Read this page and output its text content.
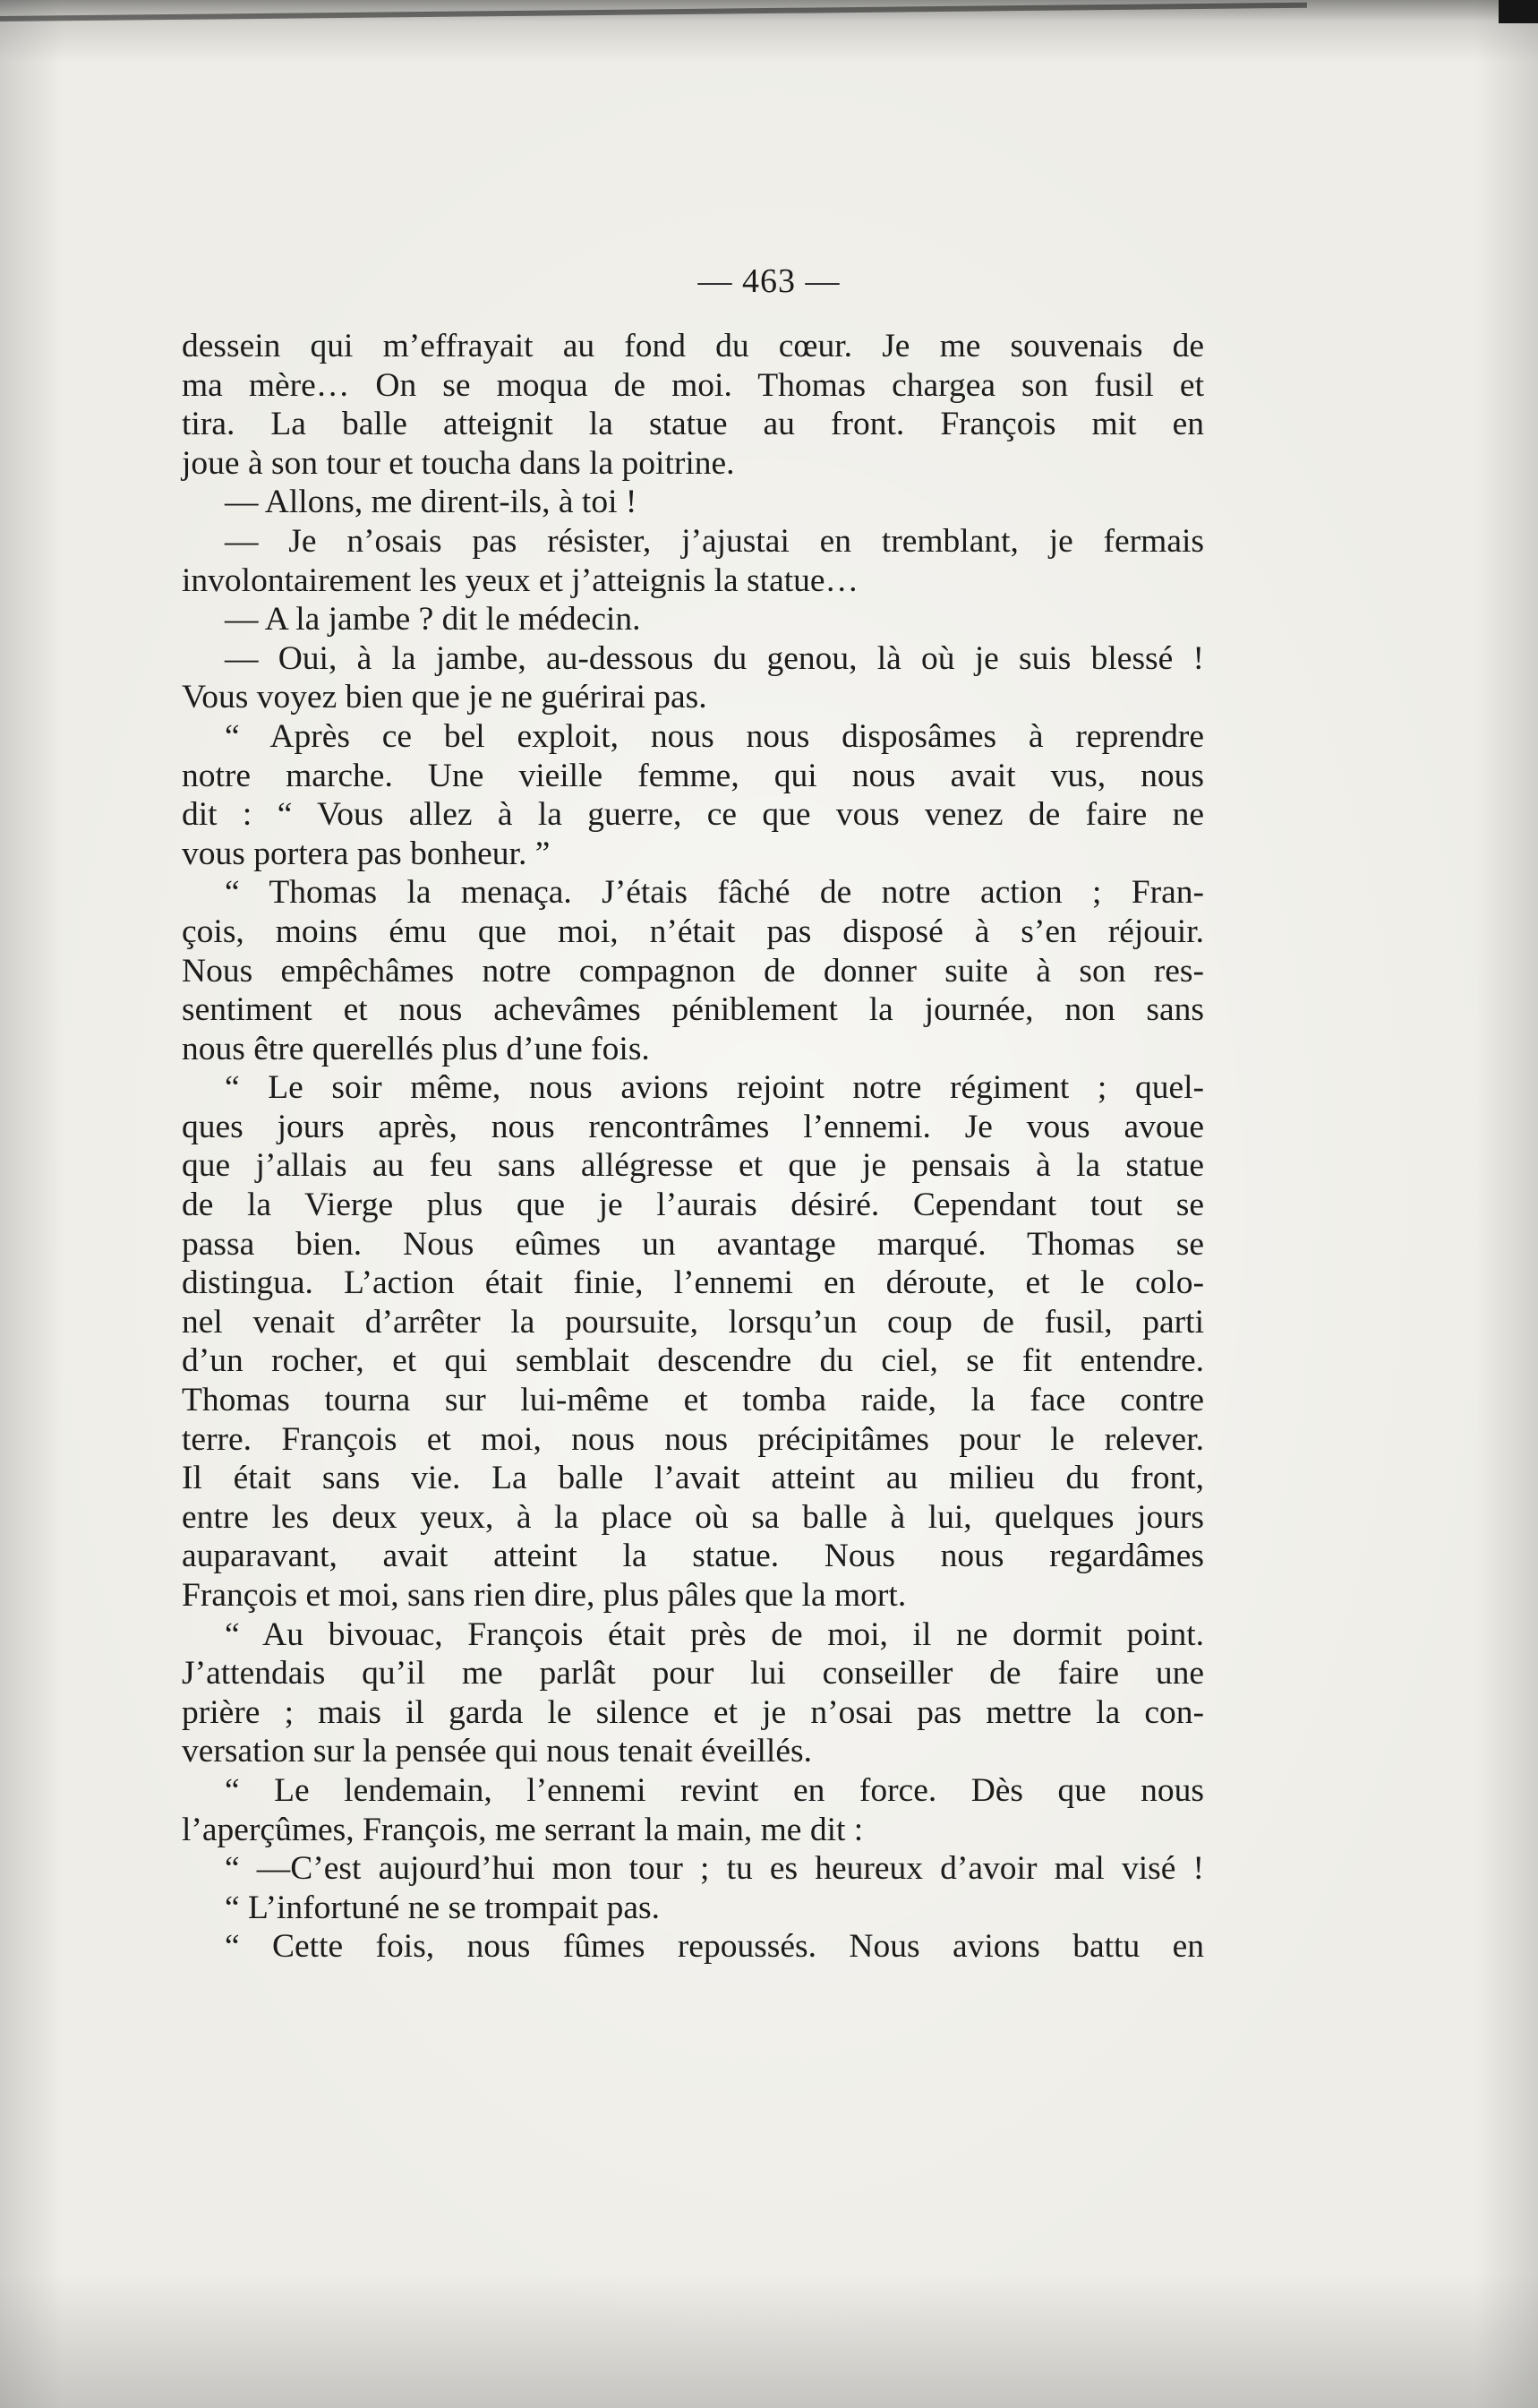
— 463 —
dessein qui m’effrayait au fond du cœur. Je me souvenais de
ma mère… On se moqua de moi. Thomas chargea son fusil et
tira. La balle atteignit la statue au front. François mit en
joue à son tour et toucha dans la poitrine.
— Allons, me dirent-ils, à toi !
— Je n’osais pas résister, j’ajustai en tremblant, je fermais
involontairement les yeux et j’atteignis la statue…
— A la jambe ? dit le médecin.
— Oui, à la jambe, au-dessous du genou, là où je suis blessé !
Vous voyez bien que je ne guérirai pas.
“ Après ce bel exploit, nous nous disposâmes à reprendre
notre marche. Une vieille femme, qui nous avait vus, nous
dit : “ Vous allez à la guerre, ce que vous venez de faire ne
vous portera pas bonheur. ”
“ Thomas la menaça. J’étais fâché de notre action ; Fran-
çois, moins ému que moi, n’était pas disposé à s’en réjouir.
Nous empêchâmes notre compagnon de donner suite à son res-
sentiment et nous achevâmes péniblement la journée, non sans
nous être querellés plus d’une fois.
“ Le soir même, nous avions rejoint notre régiment ; quel-
ques jours après, nous rencontrâmes l’ennemi. Je vous avoue
que j’allais au feu sans allégresse et que je pensais à la statue
de la Vierge plus que je l’aurais désiré. Cependant tout se
passa bien. Nous eûmes un avantage marqué. Thomas se
distingua. L’action était finie, l’ennemi en déroute, et le colo-
nel venait d’arrêter la poursuite, lorsqu’un coup de fusil, parti
d’un rocher, et qui semblait descendre du ciel, se fit entendre.
Thomas tourna sur lui-même et tomba raide, la face contre
terre. François et moi, nous nous précipitâmes pour le relever.
Il était sans vie. La balle l’avait atteint au milieu du front,
entre les deux yeux, à la place où sa balle à lui, quelques jours
auparavant, avait atteint la statue. Nous nous regardâmes
François et moi, sans rien dire, plus pâles que la mort.
“ Au bivouac, François était près de moi, il ne dormit point.
J’attendais qu’il me parlât pour lui conseiller de faire une
prière ; mais il garda le silence et je n’osai pas mettre la con-
versation sur la pensée qui nous tenait éveillés.
“ Le lendemain, l’ennemi revint en force. Dès que nous
l’aperçûmes, François, me serrant la main, me dit :
“ —C’est aujourd’hui mon tour ; tu es heureux d’avoir mal visé !
“ L’infortuné ne se trompait pas.
“ Cette fois, nous fûmes repoussés. Nous avions battu en
